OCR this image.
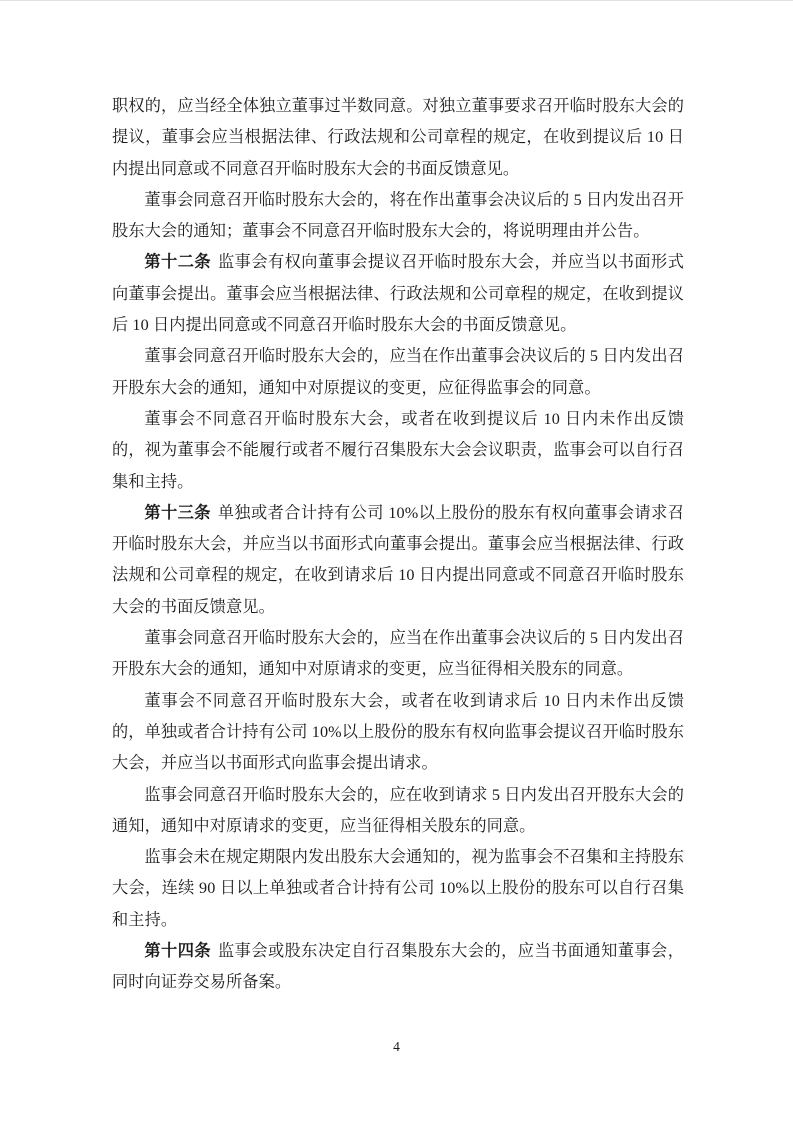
职权的，应当经全体独立董事过半数同意。对独立董事要求召开临时股东大会的提议，董事会应当根据法律、行政法规和公司章程的规定，在收到提议后 10 日内提出同意或不同意召开临时股东大会的书面反馈意见。

董事会同意召开临时股东大会的，将在作出董事会决议后的 5 日内发出召开股东大会的通知；董事会不同意召开临时股东大会的，将说明理由并公告。

第十二条 监事会有权向董事会提议召开临时股东大会，并应当以书面形式向董事会提出。董事会应当根据法律、行政法规和公司章程的规定，在收到提议后 10 日内提出同意或不同意召开临时股东大会的书面反馈意见。

董事会同意召开临时股东大会的，应当在作出董事会决议后的 5 日内发出召开股东大会的通知，通知中对原提议的变更，应征得监事会的同意。

董事会不同意召开临时股东大会，或者在收到提议后 10 日内未作出反馈的，视为董事会不能履行或者不履行召集股东大会会议职责，监事会可以自行召集和主持。

第十三条 单独或者合计持有公司 10%以上股份的股东有权向董事会请求召开临时股东大会，并应当以书面形式向董事会提出。董事会应当根据法律、行政法规和公司章程的规定，在收到请求后 10 日内提出同意或不同意召开临时股东大会的书面反馈意见。

董事会同意召开临时股东大会的，应当在作出董事会决议后的 5 日内发出召开股东大会的通知，通知中对原请求的变更，应当征得相关股东的同意。

董事会不同意召开临时股东大会，或者在收到请求后 10 日内未作出反馈的，单独或者合计持有公司 10%以上股份的股东有权向监事会提议召开临时股东大会，并应当以书面形式向监事会提出请求。

监事会同意召开临时股东大会的，应在收到请求 5 日内发出召开股东大会的通知，通知中对原请求的变更，应当征得相关股东的同意。

监事会未在规定期限内发出股东大会通知的，视为监事会不召集和主持股东大会，连续 90 日以上单独或者合计持有公司 10%以上股份的股东可以自行召集和主持。

第十四条 监事会或股东决定自行召集股东大会的，应当书面通知董事会，同时向证券交易所备案。

4
